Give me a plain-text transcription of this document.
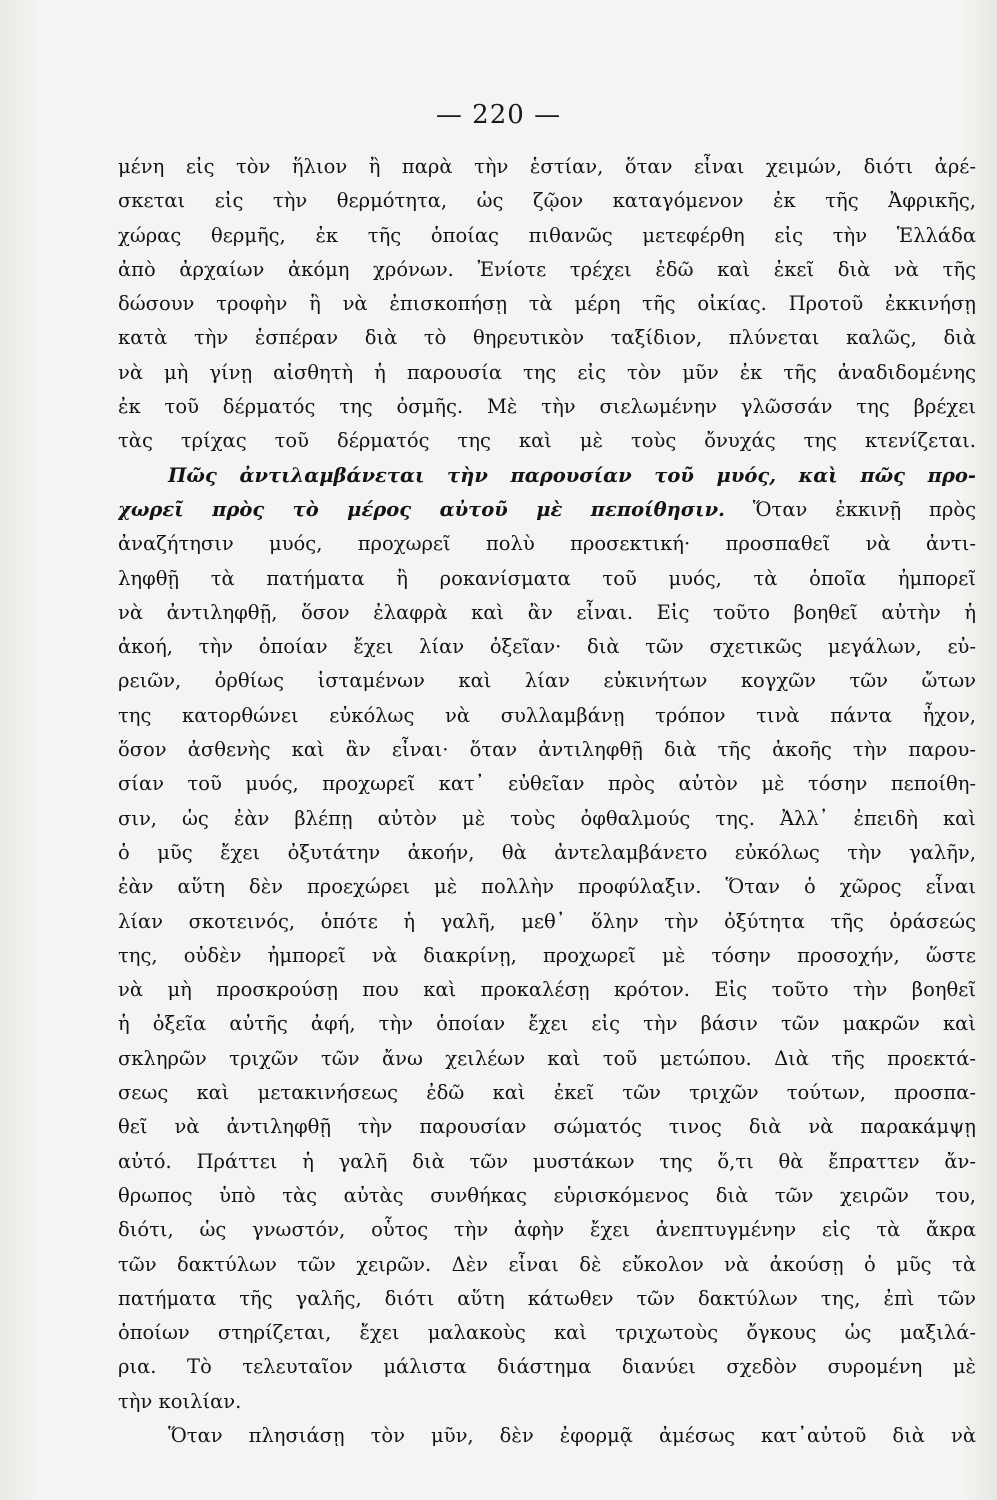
— 220 —
μένη εἰς τὸν ἥλιον ἢ παρὰ τὴν ἑστίαν, ὅταν εἶναι χειμών, διότι ἀρέ-
σκεται εἰς τὴν θερμότητα, ὡς ζῷον καταγόμενον ἐκ τῆς Ἀφρικῆς,
χώρας θερμῆς, ἐκ τῆς ὁποίας πιθανῶς μετεφέρθη εἰς τὴν Ἑλλάδα
ἀπὸ ἀρχαίων ἀκόμη χρόνων. Ἐνίοτε τρέχει ἐδῶ καὶ ἐκεῖ διὰ νὰ τῆς
δώσουν τροφὴν ἢ νὰ ἐπισκοπήσῃ τὰ μέρη τῆς οἰκίας. Προτοῦ ἐκκινήσῃ
κατὰ τὴν ἑσπέραν διὰ τὸ θηρευτικὸν ταξίδιον, πλύνεται καλῶς, διὰ
νὰ μὴ γίνῃ αἰσθητὴ ἡ παρουσία της εἰς τὸν μῦν ἐκ τῆς ἀναδιδομένης
ἐκ τοῦ δέρματός της ὀσμῆς. Μὲ τὴν σιελωμένην γλῶσσάν της βρέχει
τὰς τρίχας τοῦ δέρματός της καὶ μὲ τοὺς ὄνυχάς της κτενίζεται.
Πῶς ἀντιλαμβάνεται τὴν παρουσίαν τοῦ μυός, καὶ πῶς προ-
χωρεῖ πρὸς τὸ μέρος αὐτοῦ μὲ πεποίθησιν. Ὅταν ἐκκινῇ πρὸς
ἀναζήτησιν μυός, προχωρεῖ πολὺ προσεκτική· προσπαθεῖ νὰ ἀντι-
ληφθῇ τὰ πατήματα ἢ ροκανίσματα τοῦ μυός, τὰ ὁποῖα ἠμπορεῖ
νὰ ἀντιληφθῇ, ὅσον ἐλαφρὰ καὶ ἂν εἶναι. Εἰς τοῦτο βοηθεῖ αὐτὴν ἡ
ἀκοή, τὴν ὁποίαν ἔχει λίαν ὀξεῖαν· διὰ τῶν σχετικῶς μεγάλων, εὐ-
ρειῶν, ὀρθίως ἱσταμένων καὶ λίαν εὐκινήτων κογχῶν τῶν ὤτων
της κατορθώνει εὐκόλως νὰ συλλαμβάνῃ τρόπον τινὰ πάντα ἦχον,
ὅσον ἀσθενὴς καὶ ἂν εἶναι· ὅταν ἀντιληφθῇ διὰ τῆς ἀκοῆς τὴν παρου-
σίαν τοῦ μυός, προχωρεῖ κατ᾽ εὐθεῖαν πρὸς αὐτὸν μὲ τόσην πεποίθη-
σιν, ὡς ἐὰν βλέπῃ αὐτὸν μὲ τοὺς ὀφθαλμούς της. Ἀλλ᾽ ἐπειδὴ καὶ
ὁ μῦς ἔχει ὀξυτάτην ἀκοήν, θὰ ἀντελαμβάνετο εὐκόλως τὴν γαλῆν,
ἐὰν αὕτη δὲν προεχώρει μὲ πολλὴν προφύλαξιν. Ὅταν ὁ χῶρος εἶναι
λίαν σκοτεινός, ὁπότε ἡ γαλῆ, μεθ᾽ ὅλην τὴν ὀξύτητα τῆς ὁράσεώς
της, οὐδὲν ἠμπορεῖ νὰ διακρίνῃ, προχωρεῖ μὲ τόσην προσοχήν, ὥστε
νὰ μὴ προσκρούσῃ που καὶ προκαλέσῃ κρότον. Εἰς τοῦτο τὴν βοηθεῖ
ἡ ὀξεῖα αὐτῆς ἀφή, τὴν ὁποίαν ἔχει εἰς τὴν βάσιν τῶν μακρῶν καὶ
σκληρῶν τριχῶν τῶν ἄνω χειλέων καὶ τοῦ μετώπου. Διὰ τῆς προεκτά-
σεως καὶ μετακινήσεως ἐδῶ καὶ ἐκεῖ τῶν τριχῶν τούτων, προσπα-
θεῖ νὰ ἀντιληφθῇ τὴν παρουσίαν σώματός τινος διὰ νὰ παρακάμψῃ
αὐτό. Πράττει ἡ γαλῆ διὰ τῶν μυστάκων της ὅ,τι θὰ ἔπραττεν ἄν-
θρωπος ὑπὸ τὰς αὐτὰς συνθήκας εὑρισκόμενος διὰ τῶν χειρῶν του,
διότι, ὡς γνωστόν, οὗτος τὴν ἀφὴν ἔχει ἀνεπτυγμένην εἰς τὰ ἄκρα
τῶν δακτύλων τῶν χειρῶν. Δὲν εἶναι δὲ εὔκολον νὰ ἀκούσῃ ὁ μῦς τὰ
πατήματα τῆς γαλῆς, διότι αὕτη κάτωθεν τῶν δακτύλων της, ἐπὶ τῶν
ὁποίων στηρίζεται, ἔχει μαλακοὺς καὶ τριχωτοὺς ὄγκους ὡς μαξιλά-
ρια. Τὸ τελευταῖον μάλιστα διάστημα διανύει σχεδὸν συρομένη μὲ
τὴν κοιλίαν.
Ὅταν πλησιάσῃ τὸν μῦν, δὲν ἐφορμᾷ ἀμέσως κατ᾽αὐτοῦ διὰ νὰ
